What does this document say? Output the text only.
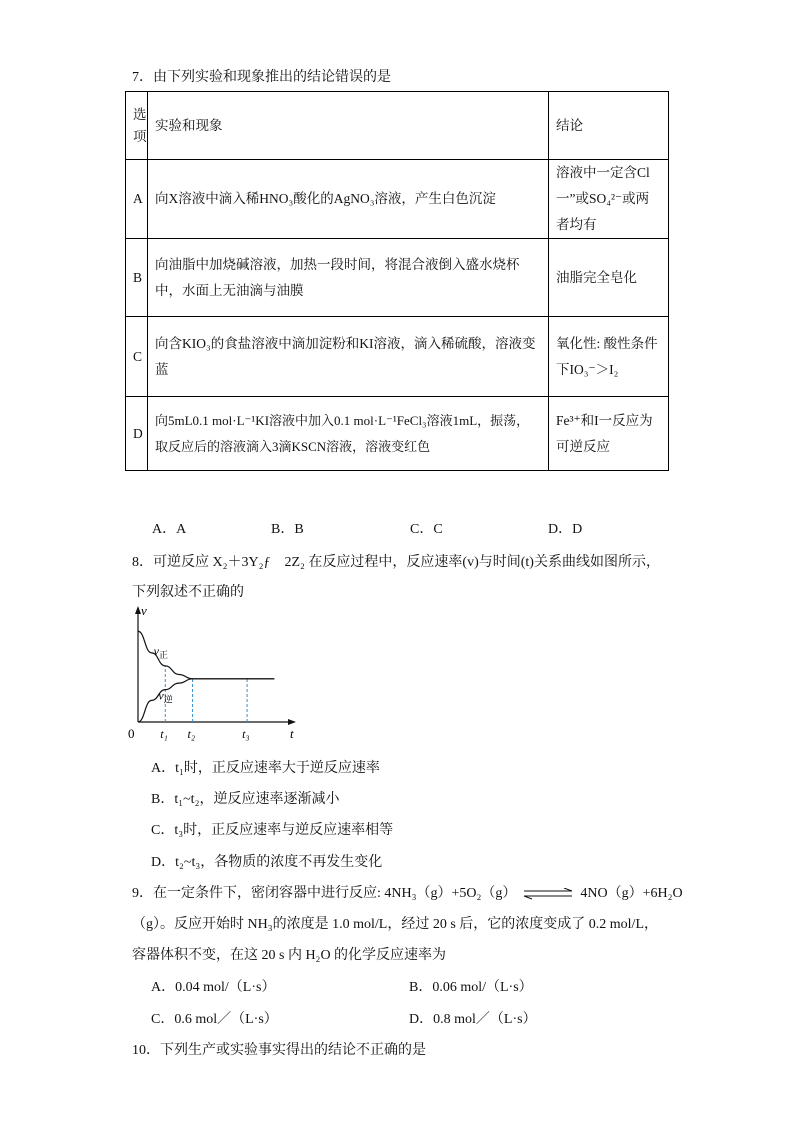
7．由下列实验和现象推出的结论错误的是
选
项	实验和现象	结论
A	向X溶液中滴入稀HNO₃酸化的AgNO₃溶液，产生白色沉淀	溶液中一定含Cl一”或SO₄²⁻或两者均有
B	向油脂中加烧碱溶液，加热一段时间，将混合液倒入盛水烧杯中，水面上无油滴与油膜	油脂完全皂化
C	向含KIO₃的食盐溶液中滴加淀粉和KI溶液，滴入稀硫酸，溶液变蓝	氧化性: 酸性条件下IO₃⁻＞I₂
D	向5mL0.1 mol·L⁻¹KI溶液中加入0.1 mol·L⁻¹FeCl₃溶液1mL，振荡，取反应后的溶液滴入3滴KSCN溶液，溶液变红色	Fe³⁺和I一反应为可逆反应
A．A	B．B	C．C	D．D
8．可逆反应 X₂＋3Y₂ƒ　2Z₂ 在反应过程中，反应速率(v)与时间(t)关系曲线如图所示，
下列叙述不正确的
v
t
0 t₁ t₂	t₃
$v_正$
$v_逆$
A．t₁时，正反应速率大于逆反应速率
B．t₁~t₂，逆反应速率逐渐减小
C．t₃时，正反应速率与逆反应速率相等
D．t₂~t₃，各物质的浓度不再发生变化
9．在一定条件下，密闭容器中进行反应: 4NH₃（g）+5O₂（g） ⇌ 4NO（g）+6H₂O
（g）。反应开始时 NH₃的浓度是 1.0 mol/L，经过 20 s 后，它的浓度变成了 0.2 mol/L，
容器体积不变，在这 20 s 内 H₂O 的化学反应速率为
A．0.04 mol/（L·s）	B．0.06 mol/（L·s）
C．0.6 mol／（L·s）	D．0.8 mol／（L·s）
10．下列生产或实验事实得出的结论不正确的是
